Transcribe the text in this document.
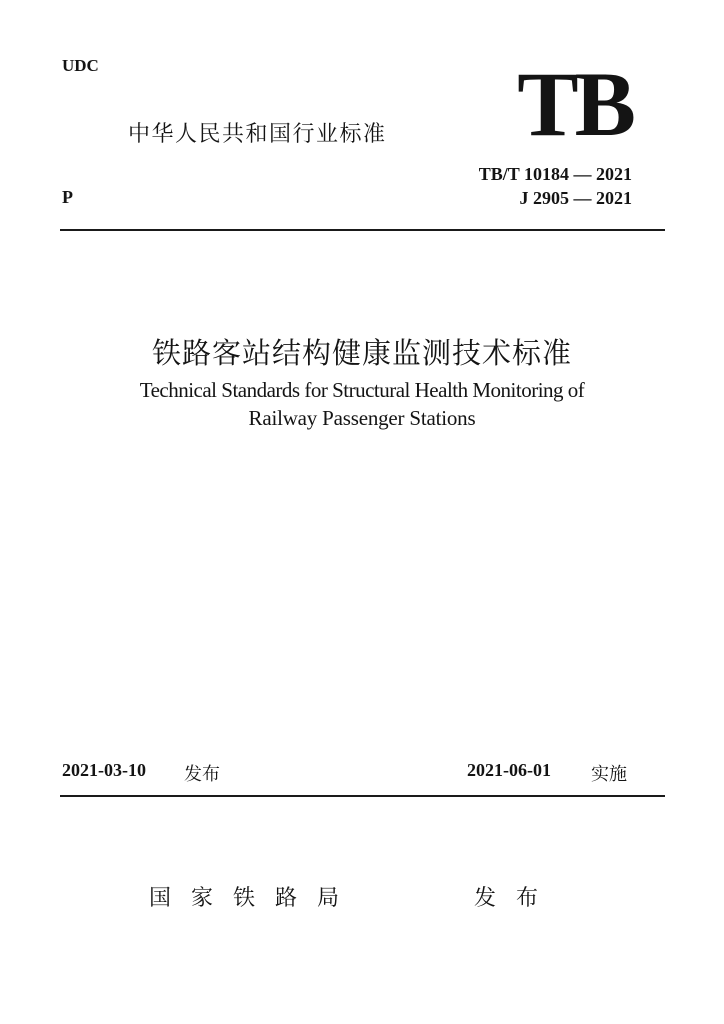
UDC
中华人民共和国行业标准 TB
P
TB/T 10184 — 2021
J 2905 — 2021
铁路客站结构健康监测技术标准
Technical Standards for Structural Health Monitoring of
Railway Passenger Stations
2021-03-10 发布	2021-06-01 实施
国家铁路局	发布
